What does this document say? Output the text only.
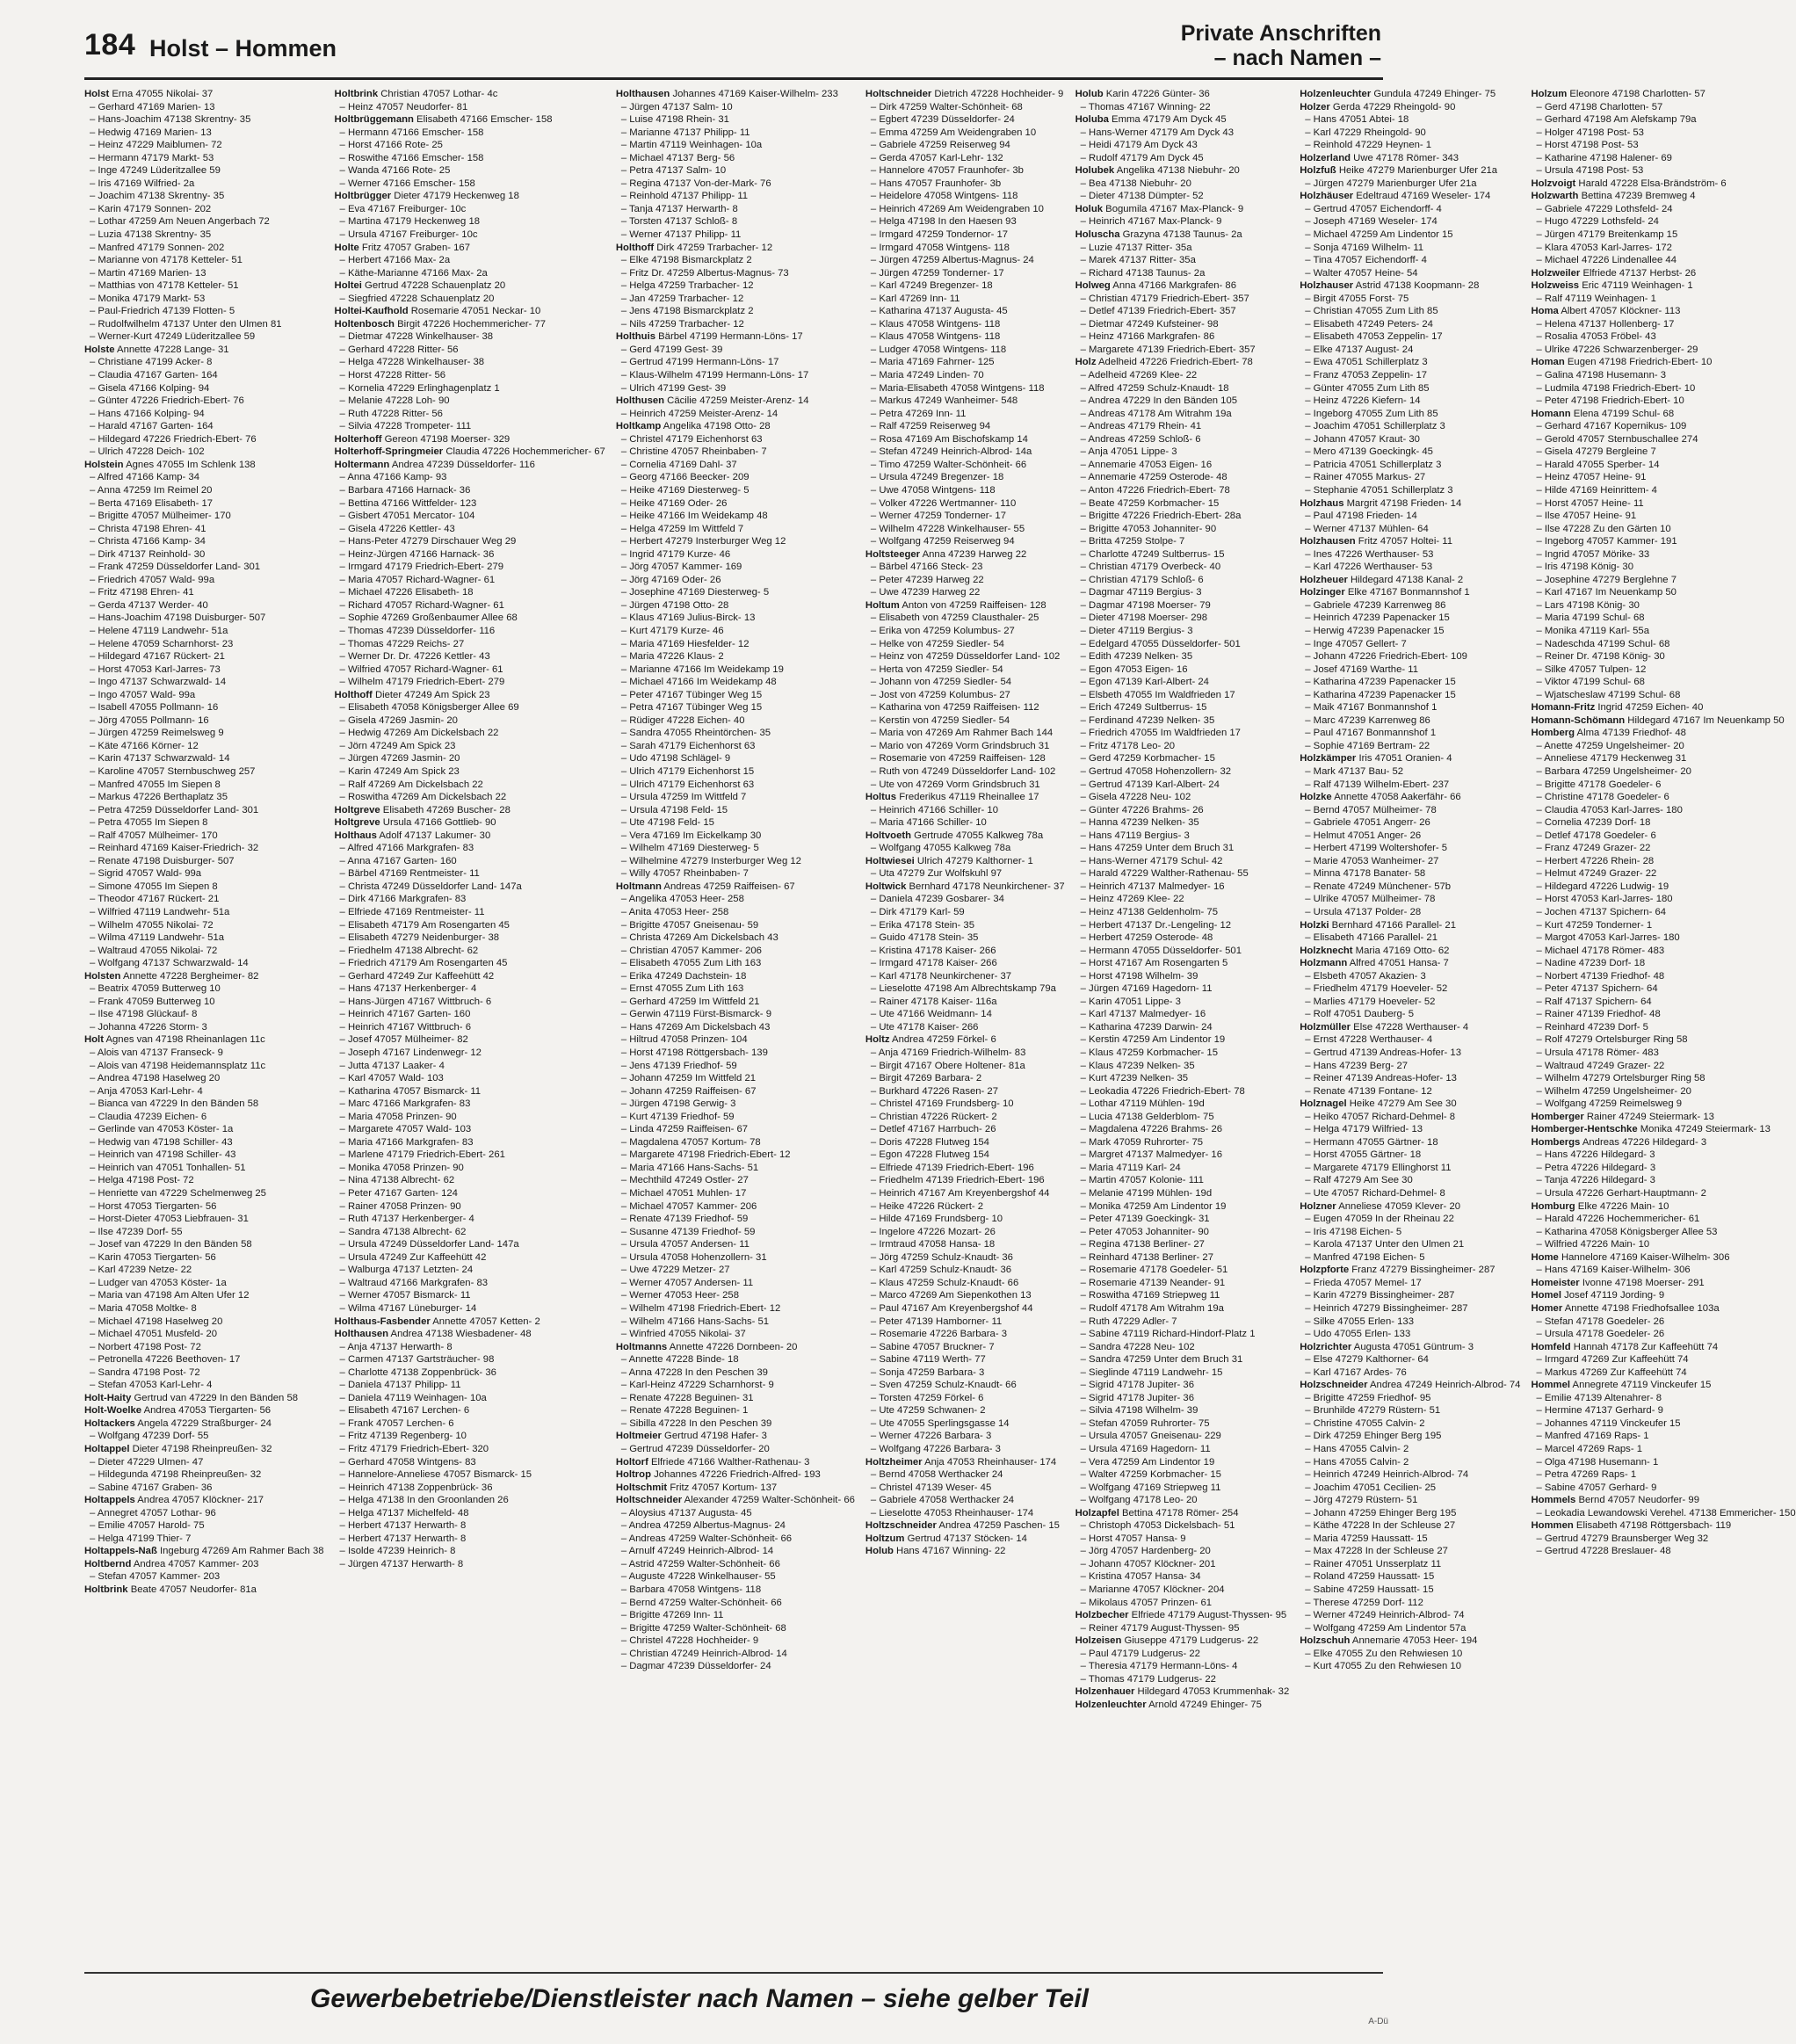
184 Holst – Hommen
Private Anschriften
– nach Namen –
Holst Erna 47055 Nikolai- 37
– Gerhard 47169 Marien- 13
– Hans-Joachim 47138 Skrentny- 35
– Hedwig 47169 Marien- 13
– Heinz 47229 Maiblumen- 72
– Hermann 47179 Markt- 53
– Inge 47249 Lüderitzallee 59
– Iris 47169 Wilfried- 2a
– Joachim 47138 Skrentny- 35
– Karin 47179 Sonnen- 202
– Lothar 47259 Am Neuen Angerbach 72
– Luzia 47138 Skrentny- 35
– Manfred 47179 Sonnen- 202
– Marianne von 47178 Ketteler- 51
– Martin 47169 Marien- 13
– Matthias von 47178 Ketteler- 51
– Monika 47179 Markt- 53
– Paul-Friedrich 47139 Flotten- 5
– Rudolfwilhelm 47137 Unter den Ulmen 81
– Werner-Kurt 47249 Lüderitzallee 59
Holste Annette 47228 Lange- 31
– Christiane 47199 Acker- 8
– Claudia 47167 Garten- 164
– Gisela 47166 Kolping- 94
– Günter 47226 Friedrich-Ebert- 76
– Hans 47166 Kolping- 94
– Harald 47167 Garten- 164
– Hildegard 47226 Friedrich-Ebert- 76
– Ulrich 47228 Deich- 102
Holstein Agnes 47055 Im Schlenk 138
– Alfred 47166 Kamp- 34
– Anna 47259 Im Reimel 20
– Berta 47169 Elisabeth- 17
– Brigitte 47057 Mülheimer- 170
– Christa 47198 Ehren- 41
– Christa 47166 Kamp- 34
– Dirk 47137 Reinhold- 30
– Frank 47259 Düsseldorfer Land- 301
– Friedrich 47057 Wald- 99a
– Fritz 47198 Ehren- 41
– Gerda 47137 Werder- 40
– Hans-Joachim 47198 Duisburger- 507
– Helene 47119 Landwehr- 51a
– Helene 47059 Scharnhorst- 23
– Hildegard 47167 Rückert- 21
– Horst 47053 Karl-Jarres- 73
– Ingo 47137 Schwarzwald- 14
– Ingo 47057 Wald- 99a
– Isabell 47055 Pollmann- 16
– Jörg 47055 Pollmann- 16
– Jürgen 47259 Reimelsweg 9
– Käte 47166 Körner- 12
– Karin 47137 Schwarzwald- 14
– Karoline 47057 Sternbuschweg 257
– Manfred 47055 Im Siepen 8
– Markus 47226 Berthaplatz 35
– Petra 47259 Düsseldorfer Land- 301
– Petra 47055 Im Siepen 8
– Ralf 47057 Mülheimer- 170
– Reinhard 47169 Kaiser-Friedrich- 32
– Renate 47198 Duisburger- 507
– Sigrid 47057 Wald- 99a
– Simone 47055 Im Siepen 8
– Theodor 47167 Rückert- 21
– Wilfried 47119 Landwehr- 51a
– Wilhelm 47055 Nikolai- 72
– Wilma 47119 Landwehr- 51a
– Waltraud 47055 Nikolai- 72
– Wolfgang 47137 Schwarzwald- 14
Holsten Annette 47228 Bergheimer- 82
– Beatrix 47059 Butterweg 10
– Frank 47059 Butterweg 10
– Ilse 47198 Glückauf- 8
– Johanna 47226 Storm- 3
Holt Agnes van 47198 Rheinanlagen 11c
– Alois van 47137 Franseck- 9
– Alois van 47198 Heidemannsplatz 11c
– Andrea 47198 Haselweg 20
– Anja 47053 Karl-Lehr- 4
– Bianca van 47229 In den Bänden 58
– Claudia 47239 Eichen- 6
– Gerlinde van 47053 Köster- 1a
– Hedwig van 47198 Schiller- 43
– Heinrich van 47198 Schiller- 43
– Heinrich van 47051 Tonhallen- 51
– Helga 47198 Post- 72
– Henriette van 47229 Schelmenweg 25
– Horst 47053 Tiergarten- 56
– Horst-Dieter 47053 Liebfrauen- 31
– Ilse 47239 Dorf- 55
– Josef van 47229 In den Bänden 58
– Karin 47053 Tiergarten- 56
– Karl 47239 Netze- 22
– Ludger van 47053 Köster- 1a
– Maria van 47198 Am Alten Ufer 12
– Maria 47058 Moltke- 8
– Michael 47198 Haselweg 20
– Michael 47051 Musfeld- 20
– Norbert 47198 Post- 72
– Petronella 47226 Beethoven- 17
– Sandra 47198 Post- 72
– Stefan 47053 Karl-Lehr- 4
Holt-Haity Gertrud van 47229 In den Bänden 58
Holt-Woelke Andrea 47053 Tiergarten- 56
Holtackers Angela 47229 Straßburger- 24
– Wolfgang 47239 Dorf- 55
Holtappel Dieter 47198 Rheinpreußen- 32
– Dieter 47229 Ulmen- 47
– Hildegunda 47198 Rheinpreußen- 32
– Sabine 47167 Graben- 36
Holtappels Andrea 47057 Klöckner- 217
– Annegret 47057 Lothar- 96
– Emilie 47057 Harold- 75
– Helga 47199 Thier- 7
Holtappels-Naß Ingeburg 47269 Am Rahmer Bach 38
Holtbernd Andrea 47057 Kammer- 203
– Stefan 47057 Kammer- 203
Holtbrink Beate 47057 Neudorfer- 81a
Holtbrink Christian 47057 Lothar- 4c
– Heinz 47057 Neudorfer- 81
Holtbrüggemann Elisabeth 47166 Emscher- 158
– Hermann 47166 Emscher- 158
– Horst 47166 Rote- 25
– Roswithe 47166 Emscher- 158
– Wanda 47166 Rote- 25
– Werner 47166 Emscher- 158
Holtbrügger Dieter 47179 Heckenweg 18
– Eva 47167 Freiburger- 10c
– Martina 47179 Heckenweg 18
– Ursula 47167 Freiburger- 10c
Holte Fritz 47057 Graben- 167
– Herbert 47166 Max- 2a
– Käthe-Marianne 47166 Max- 2a
Holtei Gertrud 47228 Schauenplatz 20
– Siegfried 47228 Schauenplatz 20
Holtei-Kaufhold Rosemarie 47051 Neckar- 10
Holtenbosch Birgit 47226 Hochemmericher- 77
– Dietmar 47228 Winkelhauser- 38
– Gerhard 47228 Ritter- 56
– Helga 47228 Winkelhauser- 38
– Horst 47228 Ritter- 56
– Kornelia 47229 Erlinghagenplatz 1
– Melanie 47228 Loh- 90
– Ruth 47228 Ritter- 56
– Silvia 47228 Trompeter- 111
Holterhoff Gereon 47198 Moerser- 329
Holterhoff-Springmeier Claudia 47226 Hochemmericher- 67
Holtermann Andrea 47239 Düsseldorfer- 116
– Anna 47166 Kamp- 93
– Barbara 47166 Harnack- 36
– Bettina 47166 Wittfelder- 123
– Gisbert 47051 Mercator- 104
– Gisela 47226 Kettler- 43
– Hans-Peter 47279 Dirschauer Weg 29
– Heinz-Jürgen 47166 Harnack- 36
– Irmgard 47179 Friedrich-Ebert- 279
– Maria 47057 Richard-Wagner- 61
– Michael 47226 Elisabeth- 18
– Richard 47057 Richard-Wagner- 61
– Sophie 47269 Großenbaumer Allee 68
– Thomas 47239 Düsseldorfer- 116
– Thomas 47229 Reichs- 27
– Werner Dr. Dr. 47226 Kettler- 43
– Wilfried 47057 Richard-Wagner- 61
– Wilhelm 47179 Friedrich-Ebert- 279
Holthoff Dieter 47249 Am Spick 23
– Elisabeth 47058 Königsberger Allee 69
– Gisela 47269 Jasmin- 20
– Hedwig 47269 Am Dickelsbach 22
– Jörn 47249 Am Spick 23
– Jürgen 47269 Jasmin- 20
– Karin 47249 Am Spick 23
– Ralf 47269 Am Dickelsbach 22
– Roswitha 47269 Am Dickelsbach 22
Holtgreve Elisabeth 47269 Buscher- 28
Holtgreve Ursula 47166 Gottlieb- 90
Holthaus Adolf 47137 Lakumer- 30
– Alfred 47166 Markgrafen- 83
– Anna 47167 Garten- 160
– Bärbel 47169 Rentmeister- 11
– Christa 47249 Düsseldorfer Land- 147a
– Dirk 47166 Markgrafen- 83
– Elfriede 47169 Rentmeister- 11
– Elisabeth 47179 Am Rosengarten 45
– Elisabeth 47279 Neidenburger- 38
– Friedhelm 47138 Albrecht- 62
– Friedrich 47179 Am Rosengarten 45
– Gerhard 47249 Zur Kaffeehütt 42
– Hans 47137 Herkenberger- 4
– Hans-Jürgen 47167 Wittbruch- 6
– Heinrich 47167 Garten- 160
– Heinrich 47167 Wittbruch- 6
– Josef 47057 Mülheimer- 82
– Joseph 47167 Lindenwegr- 12
– Jutta 47137 Laaker- 4
– Karl 47057 Wald- 103
– Katharina 47057 Bismarck- 11
– Marc 47166 Markgrafen- 83
– Maria 47058 Prinzen- 90
– Margarete 47057 Wald- 103
– Maria 47166 Markgrafen- 83
– Marlene 47179 Friedrich-Ebert- 261
– Monika 47058 Prinzen- 90
– Nina 47138 Albrecht- 62
– Peter 47167 Garten- 124
– Rainer 47058 Prinzen- 90
– Ruth 47137 Herkenberger- 4
– Sandra 47138 Albrecht- 62
– Ursula 47249 Düsseldorfer Land- 147a
– Ursula 47249 Zur Kaffeehütt 42
– Walburga 47137 Letzten- 24
– Waltraud 47166 Markgrafen- 83
– Werner 47057 Bismarck- 11
– Wilma 47167 Lüneburger- 14
Holthaus-Fasbender Annette 47057 Ketten- 2
Holthausen Andrea 47138 Wiesbadener- 48
– Anja 47137 Herwarth- 8
– Carmen 47137 Gartsträucher- 98
– Charlotte 47138 Zoppenbrück- 36
– Daniela 47137 Philipp- 11
– Daniela 47119 Weinhagen- 10a
– Elisabeth 47167 Lerchen- 6
– Frank 47057 Lerchen- 6
– Fritz 47139 Regenberg- 10
– Fritz 47179 Friedrich-Ebert- 320
– Gerhard 47058 Wintgens- 83
– Hannelore-Anneliese 47057 Bismarck- 15
– Heinrich 47138 Zoppenbrück- 36
– Helga 47138 In den Groonlanden 26
– Helga 47137 Michelfeld- 48
– Herbert 47137 Herwarth- 8
– Herbert 47137 Herwarth- 8
– Isolde 47239 Heinrich- 8
– Jürgen 47137 Herwarth- 8
Holthausen Johannes 47169 Kaiser-Wilhelm- 233
– Jürgen 47137 Salm- 10
– Luise 47198 Rhein- 31
– Marianne 47137 Philipp- 11
– Martin 47119 Weinhagen- 10a
– Michael 47137 Berg- 56
– Petra 47137 Salm- 10
– Regina 47137 Von-der-Mark- 76
– Reinhold 47137 Philipp- 11
– Tanja 47137 Herwarth- 8
– Torsten 47137 Schloß- 8
– Werner 47137 Philipp- 11
Holthoff Dirk 47259 Trarbacher- 12
– Elke 47198 Bismarckplatz 2
– Fritz Dr. 47259 Albertus-Magnus- 73
– Helga 47259 Trarbacher- 12
– Jan 47259 Trarbacher- 12
– Jens 47198 Bismarckplatz 2
– Nils 47259 Trarbacher- 12
Holthuis Bärbel 47199 Hermann-Löns- 17
– Gerd 47199 Gest- 39
– Gertrud 47199 Hermann-Löns- 17
– Klaus-Wilhelm 47199 Hermann-Löns- 17
– Ulrich 47199 Gest- 39
Holthusen Cäcilie 47259 Meister-Arenz- 14
– Heinrich 47259 Meister-Arenz- 14
Holtkamp Angelika 47198 Otto- 28
– Christel 47179 Eichenhorst 63
– Christine 47057 Rheinbaben- 7
– Cornelia 47169 Dahl- 37
– Georg 47166 Beecker- 209
– Heike 47169 Diesterweg- 5
– Heike 47169 Oder- 26
– Heike 47166 Im Weidekamp 48
– Helga 47259 Im Wittfeld 7
– Herbert 47279 Insterburger Weg 12
– Ingrid 47179 Kurze- 46
– Jörg 47057 Kammer- 169
– Jörg 47169 Oder- 26
– Josephine 47169 Diesterweg- 5
– Jürgen 47198 Otto- 28
– Klaus 47169 Julius-Birck- 13
– Kurt 47179 Kurze- 46
– Maria 47169 Hiesfelder- 12
– Maria 47226 Klaus- 2
– Marianne 47166 Im Weidekamp 19
– Michael 47166 Im Weidekamp 48
– Peter 47167 Tübinger Weg 15
– Petra 47167 Tübinger Weg 15
– Rüdiger 47228 Eichen- 40
– Sandra 47055 Rheintörchen- 35
– Sarah 47179 Eichenhorst 63
– Udo 47198 Schlägel- 9
– Ulrich 47179 Eichenhorst 15
– Ulrich 47179 Eichenhorst 63
– Ursula 47259 Im Wittfeld 7
– Ursula 47198 Feld- 15
– Ute 47198 Feld- 15
– Vera 47169 Im Eickelkamp 30
– Wilhelm 47169 Diesterweg- 5
– Wilhelmine 47279 Insterburger Weg 12
– Willy 47057 Rheinbaben- 7
Holtmann Andreas 47259 Raiffeisen- 67
– Angelika 47053 Heer- 258
– Anita 47053 Heer- 258
– Brigitte 47057 Gneisenau- 59
– Christa 47269 Am Dickelsbach 43
– Christian 47057 Kammer- 206
– Elisabeth 47055 Zum Lith 163
– Erika 47249 Dachstein- 18
– Ernst 47055 Zum Lith 163
– Gerhard 47259 Im Wittfeld 21
– Gerwin 47119 Fürst-Bismarck- 9
– Hans 47269 Am Dickelsbach 43
– Hiltrud 47058 Prinzen- 104
– Horst 47198 Röttgersbach- 139
– Jens 47139 Friedhof- 59
– Johann 47259 Im Wittfeld 21
– Johann 47259 Raiffeisen- 67
– Jürgen 47198 Gerwig- 3
– Kurt 47139 Friedhof- 59
– Linda 47259 Raiffeisen- 67
– Magdalena 47057 Kortum- 78
– Margarete 47198 Friedrich-Ebert- 12
– Maria 47166 Hans-Sachs- 51
– Mechthild 47249 Ostler- 27
– Michael 47051 Muhlen- 17
– Michael 47057 Kammer- 206
– Renate 47139 Friedhof- 59
– Susanne 47139 Friedhof- 59
– Ursula 47057 Andersen- 11
– Ursula 47058 Hohenzollern- 31
– Uwe 47229 Metzer- 27
– Werner 47057 Andersen- 11
– Werner 47053 Heer- 258
– Wilhelm 47198 Friedrich-Ebert- 12
– Wilhelm 47166 Hans-Sachs- 51
– Winfried 47055 Nikolai- 37
Holtmanns Annette 47226 Dornbeen- 20
– Annette 47228 Binde- 18
– Anna 47228 In den Peschen 39
– Karl-Heinz 47229 Scharnhorst- 9
– Renate 47228 Beguinen- 31
– Renate 47228 Beguinen- 1
– Sibilla 47228 In den Peschen 39
Holtmeier Gertrud 47198 Hafer- 3
– Gertrud 47239 Düsseldorfer- 20
Holtorf Elfriede 47166 Walther-Rathenau- 3
Holtrop Johannes 47226 Friedrich-Alfred- 193
Holtschmit Fritz 47057 Kortum- 137
Holtschneider Alexander 47259 Walter-Schönheit- 66
– Aloysius 47137 Augusta- 45
– Andrea 47259 Albertus-Magnus- 24
– Andreas 47259 Walter-Schönheit- 66
– Arnulf 47249 Heinrich-Albrod- 14
– Astrid 47259 Walter-Schönheit- 66
– Auguste 47228 Winkelhauser- 55
– Barbara 47058 Wintgens- 118
– Bernd 47259 Walter-Schönheit- 66
– Brigitte 47269 Inn- 11
– Brigitte 47259 Walter-Schönheit- 68
– Christel 47228 Hochheider- 9
– Christian 47249 Heinrich-Albrod- 14
– Dagmar 47239 Düsseldorfer- 24
Holtschneider Dietrich 47228 Hochheider- 9
– Dirk 47259 Walter-Schönheit- 68
– Egbert 47239 Düsseldorfer- 24
– Emma 47259 Am Weidengraben 10
– Gabriele 47259 Reiserweg 94
– Gerda 47057 Karl-Lehr- 132
– Hannelore 47057 Fraunhofer- 3b
– Hans 47057 Fraunhofer- 3b
– Heidelore 47058 Wintgens- 118
– Heinrich 47269 Am Weidengraben 10
– Helga 47198 In den Haesen 93
– Irmgard 47259 Tondernor- 17
– Irmgard 47058 Wintgens- 118
– Jürgen 47259 Albertus-Magnus- 24
– Jürgen 47259 Tonderner- 17
– Karl 47249 Bregenzer- 18
– Karl 47269 Inn- 11
– Katharina 47137 Augusta- 45
– Klaus 47058 Wintgens- 118
– Klaus 47058 Wintgens- 118
– Ludger 47058 Wintgens- 118
– Maria 47169 Fahrner- 125
– Maria 47249 Linden- 70
– Maria-Elisabeth 47058 Wintgens- 118
– Markus 47249 Wanheimer- 548
– Petra 47269 Inn- 11
– Ralf 47259 Reiserweg 94
– Rosa 47169 Am Bischofskamp 14
– Stefan 47249 Heinrich-Albrod- 14a
– Timo 47259 Walter-Schönheit- 66
– Ursula 47249 Bregenzer- 18
– Uwe 47058 Wintgens- 118
– Volker 47226 Wertmanner- 110
– Werner 47259 Tonderner- 17
– Wilhelm 47228 Winkelhauser- 55
– Wolfgang 47259 Reiserweg 94
Holtsteeger Anna 47239 Harweg 22
– Bärbel 47166 Steck- 23
– Peter 47239 Harweg 22
– Uwe 47239 Harweg 22
Holtum Anton von 47259 Raiffeisen- 128
– Elisabeth von 47259 Clausthaler- 25
– Erika von 47259 Kolumbus- 27
– Helke von 47259 Siedler- 54
– Heinz von 47259 Düsseldorfer Land- 102
– Herta von 47259 Siedler- 54
– Johann von 47259 Siedler- 54
– Jost von 47259 Kolumbus- 27
– Katharina von 47259 Raiffeisen- 112
– Kerstin von 47259 Siedler- 54
– Maria von 47269 Am Rahmer Bach 144
– Mario von 47269 Vorm Grindsbruch 31
– Rosemarie von 47259 Raiffeisen- 128
– Ruth von 47249 Düsseldorfer Land- 102
– Ute von 47269 Vorm Grindsbruch 31
Holtus Frederikus 47119 Rheinallee 17
– Heinrich 47166 Schiller- 10
– Maria 47166 Schiller- 10
Holtvoeth Gertrude 47055 Kalkweg 78a
– Wolfgang 47055 Kalkweg 78a
Holtwiesei Ulrich 47279 Kalthorner- 1
– Uta 47279 Zur Wolfskuhl 97
Holtwick Bernhard 47178 Neunkirchener- 37
– Daniela 47239 Gosbarer- 34
– Dirk 47179 Karl- 59
– Erika 47178 Stein- 35
– Guido 47178 Stein- 35
– Kristina 47178 Kaiser- 266
– Irmgard 47178 Kaiser- 266
– Karl 47178 Neunkirchener- 37
– Lieselotte 47198 Am Albrechtskamp 79a
– Rainer 47178 Kaiser- 116a
– Ute 47166 Weidmann- 14
– Ute 47178 Kaiser- 266
Holtz Andrea 47259 Förkel- 6
– Anja 47169 Friedrich-Wilhelm- 83
– Birgit 47167 Obere Holtener- 81a
– Birgit 47269 Barbara- 2
– Burkhard 47226 Rasen- 27
– Christel 47169 Frundsberg- 10
– Christian 47226 Rückert- 2
– Detlef 47167 Harrbuch- 26
– Doris 47228 Flutweg 154
– Egon 47228 Flutweg 154
– Elfriede 47139 Friedrich-Ebert- 196
– Friedhelm 47139 Friedrich-Ebert- 196
– Heinrich 47167 Am Kreyenbergshof 44
– Heike 47226 Rückert- 2
– Hilde 47169 Frundsberg- 10
– Ingelore 47226 Mozart- 26
– Irmtraud 47058 Hansa- 18
– Jörg 47259 Schulz-Knaudt- 36
– Karl 47259 Schulz-Knaudt- 36
– Klaus 47259 Schulz-Knaudt- 66
– Marco 47269 Am Siepenkothen 13
– Paul 47167 Am Kreyenbergshof 44
– Peter 47139 Hamborner- 11
– Rosemarie 47226 Barbara- 3
– Sabine 47057 Bruckner- 7
– Sabine 47119 Werth- 77
– Sonja 47259 Barbara- 3
– Sven 47259 Schulz-Knaudt- 66
– Torsten 47259 Förkel- 6
– Ute 47259 Schwanen- 2
– Ute 47055 Sperlingsgasse 14
– Werner 47226 Barbara- 3
– Wolfgang 47226 Barbara- 3
Holtzheimer Anja 47053 Rheinhauser- 174
– Bernd 47058 Werthacker 24
– Christel 47139 Weser- 45
– Gabriele 47058 Werthacker 24
– Lieselotte 47053 Rheinhauser- 174
Holtzschneider Andrea 47259 Paschen- 15
Holtzum Gertrud 47137 Stöcken- 14
Holub Hans 47167 Winning- 22
Holub Karin 47226 Günter- 36
– Thomas 47167 Winning- 22
Holuba Emma 47179 Am Dyck 45
– Hans-Werner 47179 Am Dyck 43
– Heidi 47179 Am Dyck 43
– Rudolf 47179 Am Dyck 45
Holubek Angelika 47138 Niebuhr- 20
– Bea 47138 Niebuhr- 20
– Dieter 47138 Dümpter- 52
Holuk Bogumila 47167 Max-Planck- 9
– Heinrich 47167 Max-Planck- 9
Holuscha Grazyna 47138 Taunus- 2a
– Luzie 47137 Ritter- 35a
– Marek 47137 Ritter- 35a
– Richard 47138 Taunus- 2a
Holweg Anna 47166 Markgrafen- 86
– Christian 47179 Friedrich-Ebert- 357
– Detlef 47139 Friedrich-Ebert- 357
– Dietmar 47249 Kufsteiner- 98
– Heinz 47166 Markgrafen- 86
– Margarete 47139 Friedrich-Ebert- 357
Holz Adelheid 47226 Friedrich-Ebert- 78
– Adelheid 47269 Klee- 22
– Alfred 47259 Schulz-Knaudt- 18
– Andrea 47229 In den Bänden 105
– Andreas 47178 Am Witrahm 19a
– Andreas 47179 Rhein- 41
– Andreas 47259 Schloß- 6
– Anja 47051 Lippe- 3
– Annemarie 47053 Eigen- 16
– Annemarie 47259 Osterode- 48
– Anton 47226 Friedrich-Ebert- 78
– Beate 47259 Korbmacher- 15
– Brigitte 47226 Friedrich-Ebert- 28a
– Brigitte 47053 Johanniter- 90
– Britta 47259 Stolpe- 7
– Charlotte 47249 Sultberrus- 15
– Christian 47179 Overbeck- 40
– Christian 47179 Schloß- 6
– Dagmar 47119 Bergius- 3
– Dagmar 47198 Moerser- 79
– Dieter 47198 Moerser- 298
– Dieter 47119 Bergius- 3
– Edelgard 47055 Düsseldorfer- 501
– Edith 47239 Nelken- 35
– Egon 47053 Eigen- 16
– Egon 47139 Karl-Albert- 24
– Elsbeth 47055 Im Waldfrieden 17
– Erich 47249 Sultberrus- 15
– Ferdinand 47239 Nelken- 35
– Friedrich 47055 Im Waldfrieden 17
– Fritz 47178 Leo- 20
– Gerd 47259 Korbmacher- 15
– Gertrud 47058 Hohenzollern- 32
– Gertrud 47139 Karl-Albert- 24
– Gisela 47228 Neu- 102
– Günter 47226 Brahms- 26
– Hanna 47239 Nelken- 35
– Hans 47119 Bergius- 3
– Hans 47259 Unter dem Bruch 31
– Hans-Werner 47179 Schul- 42
– Harald 47229 Walther-Rathenau- 55
– Heinrich 47137 Malmedyer- 16
– Heinz 47269 Klee- 22
– Heinz 47138 Geldenholm- 75
– Herbert 47137 Dr.-Lengeling- 12
– Herbert 47259 Osterode- 48
– Hermann 47055 Düsseldorfer- 501
– Horst 47167 Am Rosengarten 5
– Horst 47198 Wilhelm- 39
– Jürgen 47169 Hagedorn- 11
– Karin 47051 Lippe- 3
– Karl 47137 Malmedyer- 16
– Katharina 47239 Darwin- 24
– Kerstin 47259 Am Lindentor 19
– Klaus 47259 Korbmacher- 15
– Klaus 47239 Nelken- 35
– Kurt 47239 Nelken- 35
– Leokadia 47226 Friedrich-Ebert- 78
– Lothar 47119 Mühlen- 19d
– Lucia 47138 Gelderblom- 75
– Magdalena 47226 Brahms- 26
– Mark 47059 Ruhrorter- 75
– Margret 47137 Malmedyer- 16
– Maria 47119 Karl- 24
– Martin 47057 Kolonie- 111
– Melanie 47199 Mühlen- 19d
– Monika 47259 Am Lindentor 19
– Peter 47139 Goeckingk- 31
– Peter 47053 Johanniter- 90
– Regina 47138 Berliner- 27
– Reinhard 47138 Berliner- 27
– Rosemarie 47178 Goedeler- 51
– Rosemarie 47139 Neander- 91
– Roswitha 47169 Striepweg 11
– Rudolf 47178 Am Witrahm 19a
– Ruth 47229 Adler- 7
– Sabine 47119 Richard-Hindorf-Platz 1
– Sandra 47228 Neu- 102
– Sandra 47259 Unter dem Bruch 31
– Sieglinde 47119 Landwehr- 15
– Sigrid 47178 Jupiter- 36
– Sigrid 47178 Jupiter- 36
– Silvia 47198 Wilhelm- 39
– Stefan 47059 Ruhrorter- 75
– Ursula 47057 Gneisenau- 229
– Ursula 47169 Hagedorn- 11
– Vera 47259 Am Lindentor 19
– Walter 47259 Korbmacher- 15
– Wolfgang 47169 Striepweg 11
– Wolfgang 47178 Leo- 20
Holzapfel Bettina 47178 Römer- 254
– Christoph 47053 Dickelsbach- 51
– Horst 47057 Hansa- 9
– Jörg 47057 Hardenberg- 20
– Johann 47057 Klöckner- 201
– Kristina 47057 Hansa- 34
– Marianne 47057 Klöckner- 204
– Mikolaus 47057 Prinzen- 61
Holzbecher Elfriede 47179 August-Thyssen- 95
– Reiner 47179 August-Thyssen- 95
Holzeisen Giuseppe 47179 Ludgerus- 22
– Paul 47179 Ludgerus- 22
– Theresia 47179 Hermann-Löns- 4
– Thomas 47179 Ludgerus- 22
Holzenhauer Hildegard 47053 Krummenhak- 32
Holzenleuchter Arnold 47249 Ehinger- 75
Holzenleuchter Gundula 47249 Ehinger- 75
Holzer Gerda 47229 Rheingold- 90
– Hans 47051 Abtei- 18
– Karl 47229 Rheingold- 90
– Reinhold 47229 Heynen- 1
Holzerland Uwe 47178 Römer- 343
Holzfuß Heike 47279 Marienburger Ufer 21a
– Jürgen 47279 Marienburger Ufer 21a
Holzhäuser Edeltraud 47169 Weseler- 174
– Gertrud 47057 Eichendorff- 4
– Joseph 47169 Weseler- 174
– Michael 47259 Am Lindentor 15
– Sonja 47169 Wilhelm- 11
– Tina 47057 Eichendorff- 4
– Walter 47057 Heine- 54
Holzhauser Astrid 47138 Koopmann- 28
– Birgit 47055 Forst- 75
– Christian 47055 Zum Lith 85
– Elisabeth 47249 Peters- 24
– Elisabeth 47053 Zeppelin- 17
– Elke 47137 August- 24
– Ewa 47051 Schillerplatz 3
– Franz 47053 Zeppelin- 17
– Günter 47055 Zum Lith 85
– Heinz 47226 Kiefern- 14
– Ingeborg 47055 Zum Lith 85
– Joachim 47051 Schillerplatz 3
– Johann 47057 Kraut- 30
– Mero 47139 Goeckingk- 45
– Patricia 47051 Schillerplatz 3
– Rainer 47055 Markus- 27
– Stephanie 47051 Schillerplatz 3
Holzhaus Margrit 47198 Frieden- 14
– Paul 47198 Frieden- 14
– Werner 47137 Mühlen- 64
Holzhausen Fritz 47057 Holtei- 11
– Ines 47226 Werthauser- 53
– Karl 47226 Werthauser- 53
Holzheuer Hildegard 47138 Kanal- 2
Holzinger Elke 47167 Bonmannshof 1
– Gabriele 47239 Karrenweg 86
– Heinrich 47239 Papenacker 15
– Herwig 47239 Papenacker 15
– Inge 47057 Gellert- 7
– Johann 47226 Friedrich-Ebert- 109
– Josef 47169 Warthe- 11
– Katharina 47239 Papenacker 15
– Katharina 47239 Papenacker 15
– Maik 47167 Bonmannshof 1
– Marc 47239 Karrenweg 86
– Paul 47167 Bonmannshof 1
– Sophie 47169 Bertram- 22
Holzkämper Iris 47051 Oranien- 4
– Mark 47137 Bau- 52
– Ralf 47139 Wilhelm-Ebert- 237
Holzke Annette 47058 Aakerfähr- 66
– Bernd 47057 Mülheimer- 78
– Gabriele 47051 Angerr- 26
– Helmut 47051 Anger- 26
– Herbert 47199 Woltershofer- 5
– Marie 47053 Wanheimer- 27
– Minna 47178 Banater- 58
– Renate 47249 Münchener- 57b
– Ulrike 47057 Mülheimer- 78
– Ursula 47137 Polder- 28
Holzki Bernhard 47166 Parallel- 21
– Elisabeth 47166 Parallel- 21
Holzknecht Maria 47169 Otto- 62
Holzmann Alfred 47051 Hansa- 7
– Elsbeth 47057 Akazien- 3
– Friedhelm 47179 Hoeveler- 52
– Marlies 47179 Hoeveler- 52
– Rolf 47051 Dauberg- 5
Holzmüller Else 47228 Werthauser- 4
– Ernst 47228 Werthauser- 4
– Gertrud 47139 Andreas-Hofer- 13
– Hans 47239 Berg- 27
– Reiner 47139 Andreas-Hofer- 13
– Renate 47139 Fontane- 12
Holznagel Heike 47279 Am See 30
– Heiko 47057 Richard-Dehmel- 8
– Helga 47179 Wilfried- 13
– Hermann 47055 Gärtner- 18
– Horst 47055 Gärtner- 18
– Margarete 47179 Ellinghorst 11
– Ralf 47279 Am See 30
– Ute 47057 Richard-Dehmel- 8
Holzner Anneliese 47059 Klever- 20
– Eugen 47059 In der Rheinau 22
– Iris 47198 Eichen- 5
– Karola 47137 Unter den Ulmen 21
– Manfred 47198 Eichen- 5
Holzpforte Franz 47279 Bissingheimer- 287
– Frieda 47057 Memel- 17
– Karin 47279 Bissingheimer- 287
– Heinrich 47279 Bissingheimer- 287
– Silke 47055 Erlen- 133
– Udo 47055 Erlen- 133
Holzrichter Augusta 47051 Güntrum- 3
– Else 47279 Kalthorner- 64
– Karl 47167 Ardes- 76
Holzschneider Andrea 47249 Heinrich-Albrod- 74
– Brigitte 47259 Friedhof- 95
– Brunhilde 47279 Rüstern- 51
– Christine 47055 Calvin- 2
– Dirk 47259 Ehinger Berg 195
– Hans 47055 Calvin- 2
– Hans 47055 Calvin- 2
– Heinrich 47249 Heinrich-Albrod- 74
– Joachim 47051 Cecilien- 25
– Jörg 47279 Rüstern- 51
– Johann 47259 Ehinger Berg 195
– Käthe 47228 In der Schleuse 27
– Maria 47259 Haussatt- 15
– Max 47228 In der Schleuse 27
– Rainer 47051 Unsserplatz 11
– Roland 47259 Haussatt- 15
– Sabine 47259 Haussatt- 15
– Therese 47259 Dorf- 112
– Werner 47249 Heinrich-Albrod- 74
– Wolfgang 47259 Am Lindentor 57a
Holzschuh Annemarie 47053 Heer- 194
– Elke 47055 Zu den Rehwiesen 10
– Kurt 47055 Zu den Rehwiesen 10
Holzum Eleonore 47198 Charlotten- 57
– Gerd 47198 Charlotten- 57
– Gerhard 47198 Am Alefskamp 79a
– Holger 47198 Post- 53
– Horst 47198 Post- 53
– Katharine 47198 Halener- 69
– Ursula 47198 Post- 53
Holzvoigt Harald 47228 Elsa-Brändström- 6
Holzwarth Bettina 47239 Bremweg 4
– Gabriele 47229 Lothsfeld- 24
– Hugo 47229 Lothsfeld- 24
– Jürgen 47179 Breitenkamp 15
– Klara 47053 Karl-Jarres- 172
– Michael 47226 Lindenallee 44
Holzweiler Elfriede 47137 Herbst- 26
Holzweiss Eric 47119 Weinhagen- 1
– Ralf 47119 Weinhagen- 1
Homa Albert 47057 Klöckner- 113
– Helena 47137 Hollenberg- 17
– Rosalia 47053 Fröbel- 43
– Ulrike 47226 Schwarzenberger- 29
Homan Eugen 47198 Friedrich-Ebert- 10
– Galina 47198 Husemann- 3
– Ludmila 47198 Friedrich-Ebert- 10
– Peter 47198 Friedrich-Ebert- 10
Homann Elena 47199 Schul- 68
– Gerhard 47167 Kopernikus- 109
– Gerold 47057 Sternbuschallee 274
– Gisela 47279 Bergleine 7
– Harald 47055 Sperber- 14
– Heinz 47057 Heine- 91
– Hilde 47169 Heinrittem- 4
– Horst 47057 Heine- 11
– Ilse 47057 Heine- 91
– Ilse 47228 Zu den Gärten 10
– Ingeborg 47057 Kammer- 191
– Ingrid 47057 Mörike- 33
– Iris 47198 König- 30
– Josephine 47279 Berglehne 7
– Karl 47167 Im Neuenkamp 50
– Lars 47198 König- 30
– Maria 47199 Schul- 68
– Monika 47119 Karl- 55a
– Nadeschda 47199 Schul- 68
– Reiner Dr. 47198 König- 30
– Silke 47057 Tulpen- 12
– Viktor 47199 Schul- 68
– Wjatscheslaw 47199 Schul- 68
Homann-Fritz Ingrid 47259 Eichen- 40
Homann-Schömann Hildegard 47167 Im Neuenkamp 50
Homberg Alma 47139 Friedhof- 48
– Anette 47259 Ungelsheimer- 20
– Anneliese 47179 Heckenweg 31
– Barbara 47259 Ungelsheimer- 20
– Brigitte 47178 Goedeler- 6
– Christine 47178 Goedeler- 6
– Claudia 47053 Karl-Jarres- 180
– Cornelia 47239 Dorf- 18
– Detlef 47178 Goedeler- 6
– Franz 47249 Grazer- 22
– Herbert 47226 Rhein- 28
– Helmut 47249 Grazer- 22
– Hildegard 47226 Ludwig- 19
– Horst 47053 Karl-Jarres- 180
– Jochen 47137 Spichern- 64
– Kurt 47259 Tonderner- 1
– Margot 47053 Karl-Jarres- 180
– Michael 47178 Römer- 483
– Nadine 47239 Dorf- 18
– Norbert 47139 Friedhof- 48
– Peter 47137 Spichern- 64
– Ralf 47137 Spichern- 64
– Rainer 47139 Friedhof- 48
– Reinhard 47239 Dorf- 5
– Rolf 47279 Ortelsburger Ring 58
– Ursula 47178 Römer- 483
– Waltraud 47249 Grazer- 22
– Wilhelm 47279 Ortelsburger Ring 58
– Wilhelm 47259 Ungelsheimer- 20
– Wolfgang 47259 Reimelsweg 9
Homberger Rainer 47249 Steiermark- 13
Homberger-Hentschke Monika 47249 Steiermark- 13
Hombergs Andreas 47226 Hildegard- 3
– Hans 47226 Hildegard- 3
– Petra 47226 Hildegard- 3
– Tanja 47226 Hildegard- 3
– Ursula 47226 Gerhart-Hauptmann- 2
Homburg Elke 47226 Main- 10
– Harald 47226 Hochemmericher- 61
– Katharina 47058 Königsberger Allee 53
– Wilfried 47226 Main- 10
Home Hannelore 47169 Kaiser-Wilhelm- 306
– Hans 47169 Kaiser-Wilhelm- 306
Homeister Ivonne 47198 Moerser- 291
Homel Josef 47119 Jording- 9
Homer Annette 47198 Friedhofsallee 103a
– Stefan 47178 Goedeler- 26
– Ursula 47178 Goedeler- 26
Homfeld Hannah 47178 Zur Kaffeehütt 74
– Irmgard 47269 Zur Kaffeehütt 74
– Markus 47269 Zur Kaffeehütt 74
Hommel Annegrete 47119 Vinckeufer 15
– Emilie 47139 Altenahrer- 8
– Hermine 47137 Gerhard- 9
– Johannes 47119 Vinckeufer 15
– Manfred 47169 Raps- 1
– Marcel 47269 Raps- 1
– Olga 47198 Husemann- 1
– Petra 47269 Raps- 1
– Sabine 47057 Gerhard- 9
Hommels Bernd 47057 Neudorfer- 99
– Leokadia Lewandowski Verehel. 47138 Emmericher- 150
Hommen Elisabeth 47198 Röttgersbach- 119
– Gertrud 47279 Braunsberger Weg 32
– Gertrud 47228 Breslauer- 48
Gewerbebetriebe/Dienstleister nach Namen – siehe gelber Teil
A-Dü
